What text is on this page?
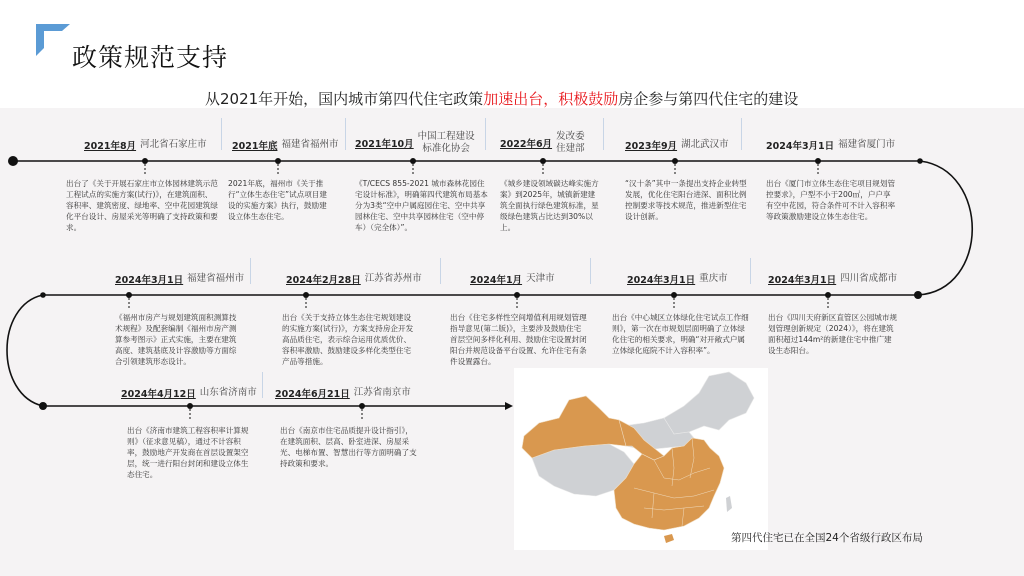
政策规范支持
从2021年开始，国内城市第四代住宅政策加速出台，积极鼓励房企参与第四代住宅的建设
2021年8月 河北省石家庄市
出台了《关于开展石家庄市立体园林建筑示范工程试点的实施方案(试行)》，在建筑面积、容积率、建筑密度、绿地率、空中花园建筑绿化平台设计、房屋采光等明确了支持政策和要求。
2021年底 福建省福州市
2021年底，福州市《关于推行“立体生态住宅”试点项目建设的实施方案》执行，鼓励建设立体生态住宅。
2021年10月
中国工程建设
标准化协会
《T/CECS 855-2021 城市森林花园住宅设计标准》，明确第四代建筑布局基本分为3类“空中户属庭园住宅、空中共享园林住宅、空中共享园林住宅（空中停车）（完全体）”。
2022年6月
发改委
住建部
《城乡建设领域碳达峰实施方案》到2025年，城镇新建建筑全面执行绿色建筑标准，星级绿色建筑占比达到30%以上。
2023年9月 湖北武汉市
“汉十条”其中一条提出支持企业转型发展，优化住宅阳台进深、面积比例控制要求等技术规范，推进新型住宅设计创新。
2024年3月1日 福建省厦门市
出台《厦门市立体生态住宅项目规划管控要求》，户型不小于200㎡，户户享有空中花园，符合条件可不计入容积率等政策激励建设立体生态住宅。
2024年3月1日 福建省福州市
《福州市房产与规划建筑面积测算技术规程》及配套编制《福州市房产测算参考图示》正式实施，主要在建筑高度、建筑基底及计容激励等方面综合引领建筑形态设计。
2024年2月28日 江苏省苏州市
出台《关于支持立体生态住宅规划建设的实施方案(试行)》，方案支持房企开发高品质住宅，表示综合运用优质优价、容积率激励、鼓励建设多样化类型住宅产品等措施。
2024年1月 天津市
出台《住宅多样性空间增值利用规划管理指导意见(第二版)》，主要涉及鼓励住宅首层空间多样化利用、鼓励住宅设置封闭阳台并规范设备平台设置、允许住宅有条件设置露台。
2024年3月1日 重庆市
出台《中心城区立体绿化住宅试点工作细则》，第一次在市规划层面明确了立体绿化住宅的相关要求，明确“对开敞式户属立体绿化庭院不计入容积率”。
2024年3月1日 四川省成都市
出台《四川天府新区直管区公园城市规划管理创新规定（2024）》，将在建筑面积超过144m²的新建住宅中推广建设生态阳台。
2024年4月12日 山东省济南市
出台《济南市建筑工程容积率计算规则》（征求意见稿），通过不计容积率，鼓励地产开发商在首层设置架空层，统一进行阳台封闭和建设立体生态住宅。
2024年6月21日 江苏省南京市
出台《南京市住宅品质提升设计指引》，在建筑面积、层高、卧室进深、房屋采光、电梯布置、智慧出行等方面明确了支持政策和要求。
第四代住宅已在全国24个省级行政区布局
